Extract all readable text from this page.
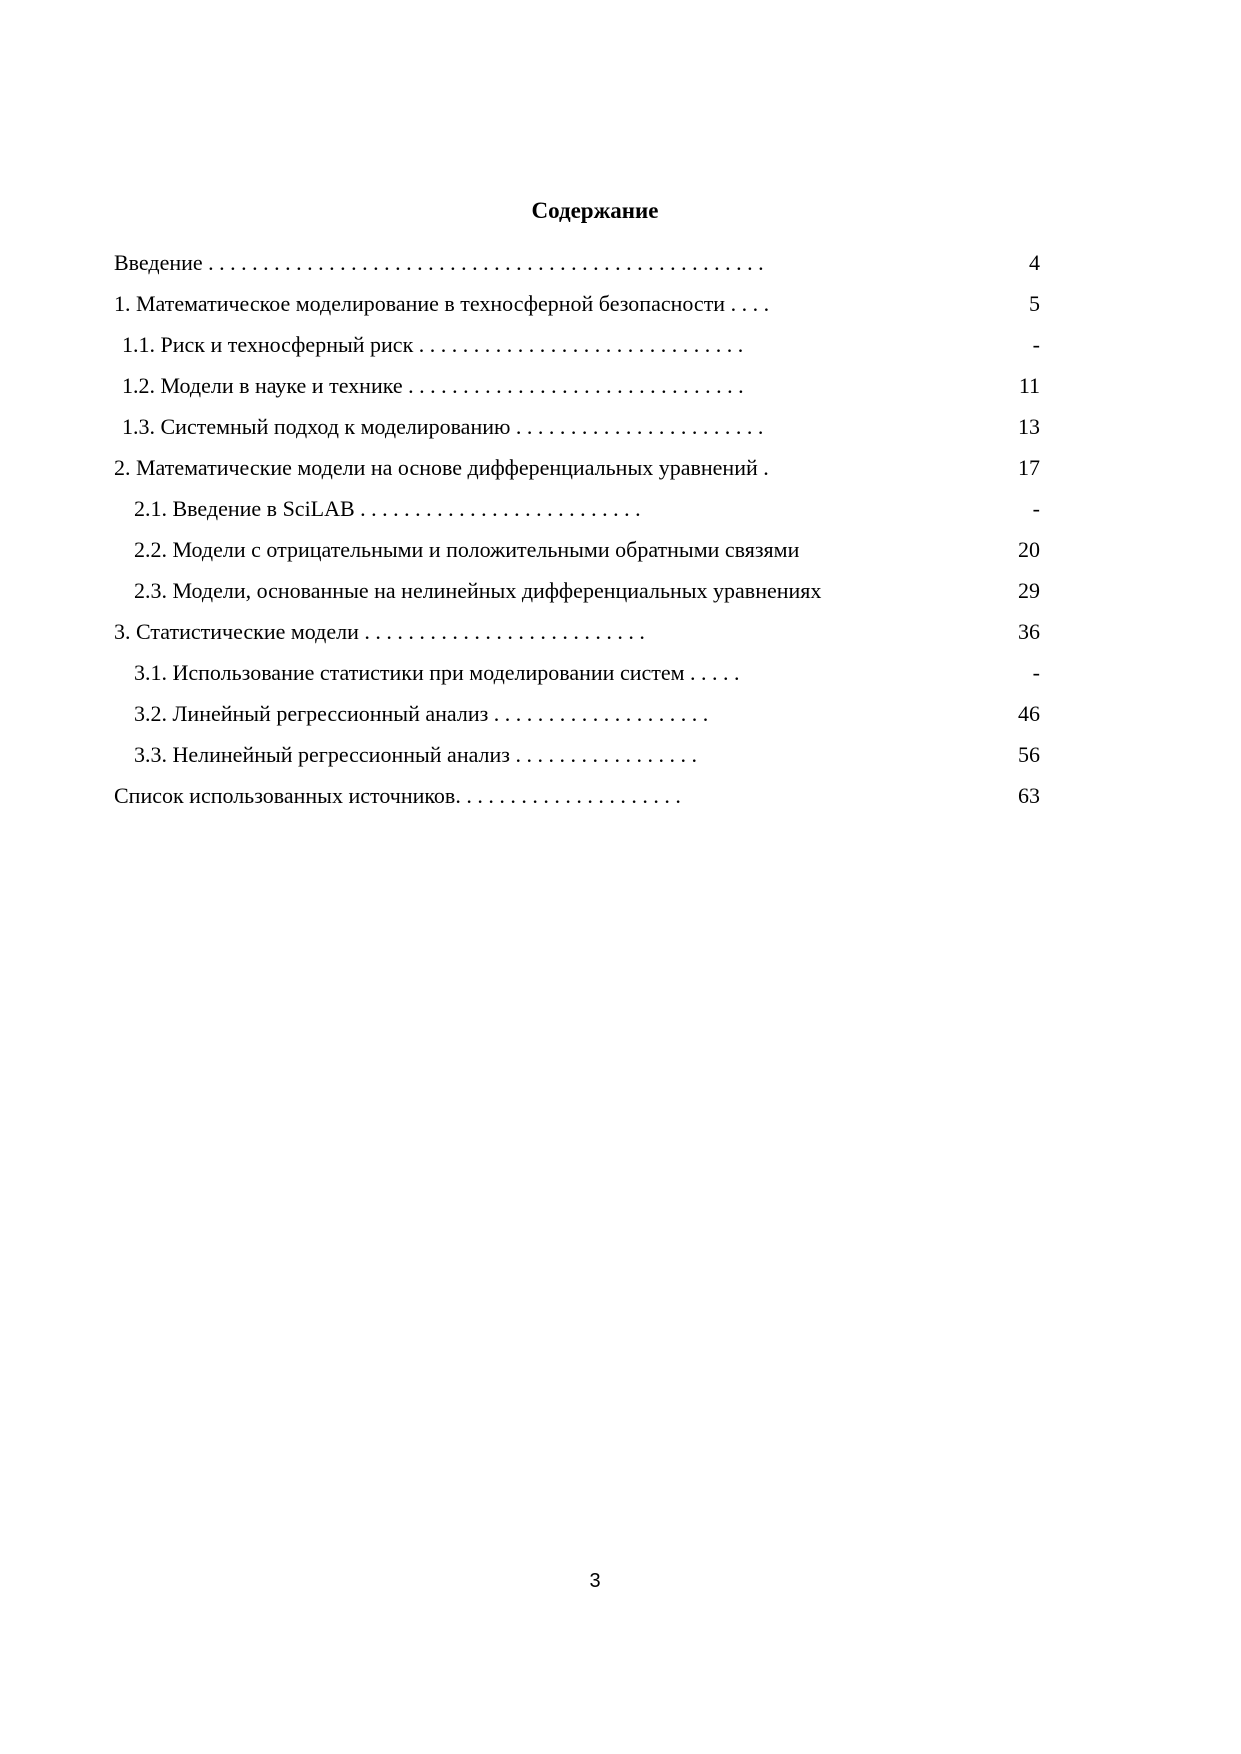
Содержание
Введение . . . . . . . . . . . . . . . . . . . . . . . . . . . . . . . . . . . . . . . . . . . . . . . . . . .	4
1. Математическое моделирование в техносферной безопасности . . . .	5
1.1. Риск и техносферный риск . . . . . . . . . . . . . . . . . . . . . . . . . . . . . .	-
1.2. Модели в науке и технике . . . . . . . . . . . . . . . . . . . . . . . . . . . . . . .	11
1.3. Системный подход к моделированию . . . . . . . . . . . . . . . . . . . . . . .	13
2. Математические модели на основе дифференциальных уравнений .	17
2.1. Введение в SciLAB . . . . . . . . . . . . . . . . . . . . . . . . . .	-
2.2. Модели с отрицательными и положительными обратными связями	20
2.3. Модели, основанные на нелинейных дифференциальных уравнениях	29
3. Статистические модели . . . . . . . . . . . . . . . . . . . . . . . . . .	36
3.1. Использование статистики при моделировании систем . . . . .	-
3.2. Линейный регрессионный анализ . . . . . . . . . . . . . . . . . . . .	46
3.3. Нелинейный регрессионный анализ . . . . . . . . . . . . . . . . .	56
Список использованных источников. . . . . . . . . . . . . . . . . . . . .	63
3
